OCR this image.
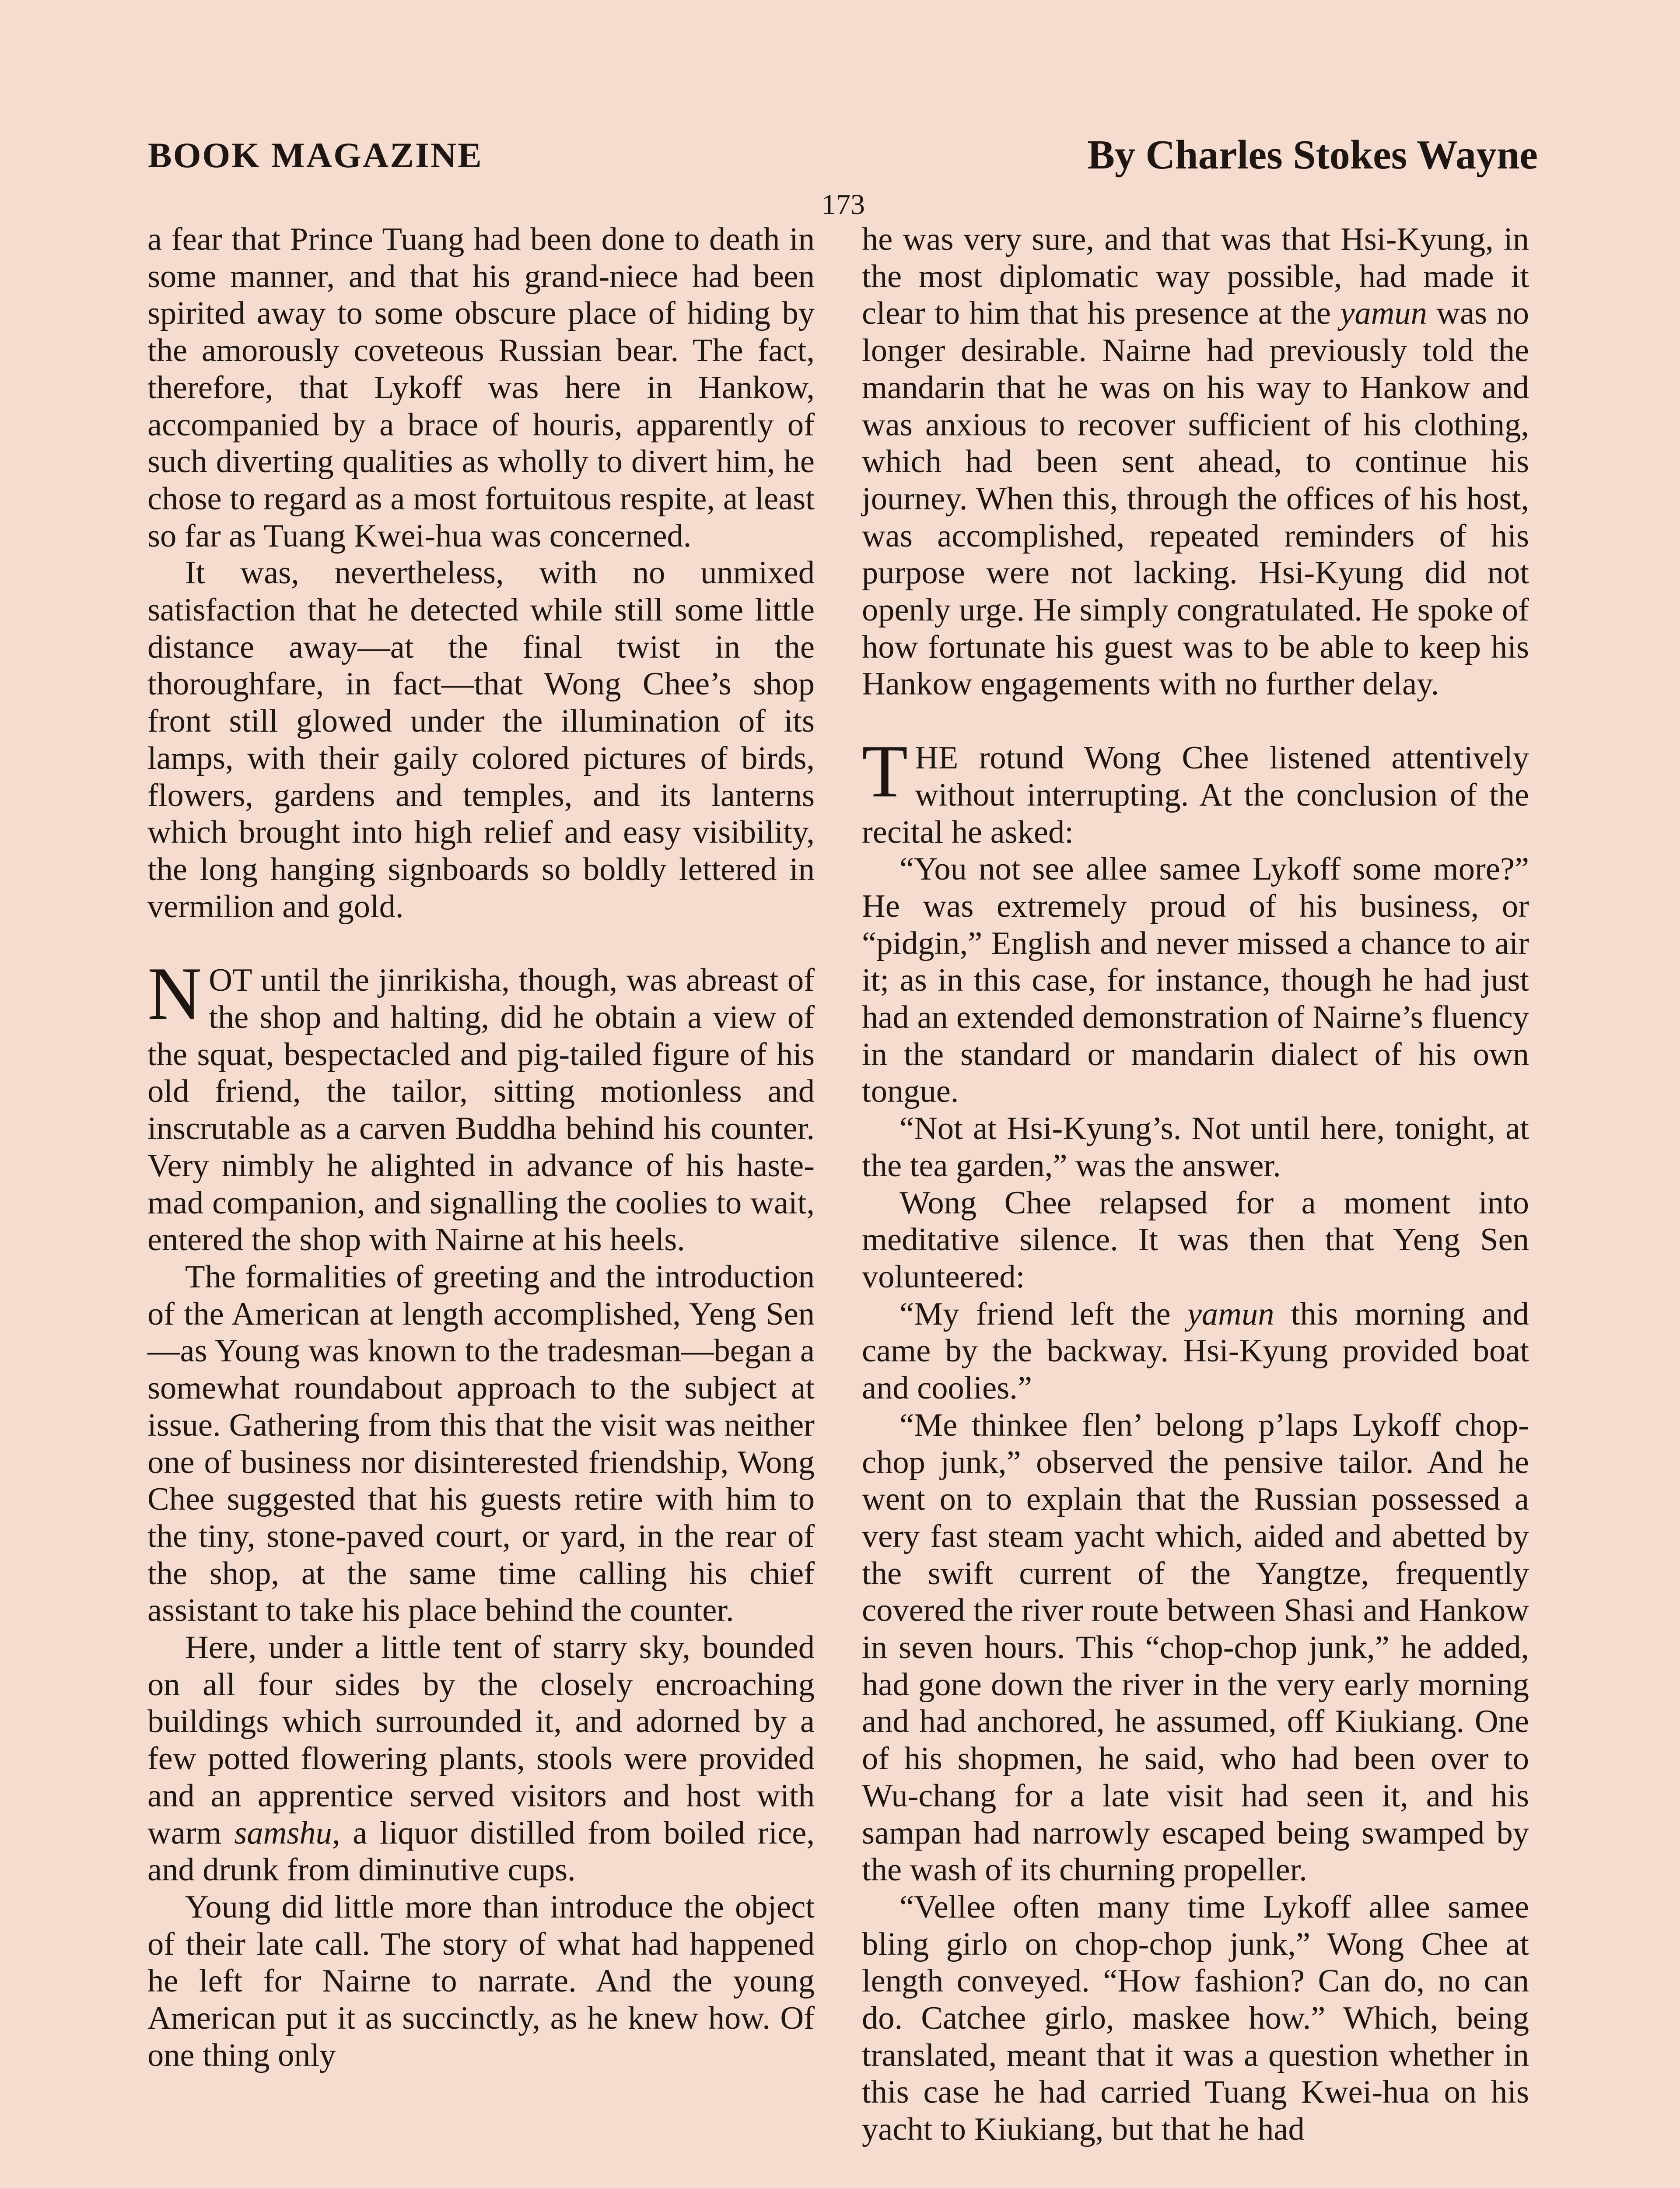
BOOK MAGAZINE	By Charles Stokes Wayne
173

a fear that Prince Tuang had been done to death in some manner, and that his grand-niece had been spirited away to some obscure place of hiding by the amorously coveteous Russian bear. The fact, therefore, that Lykoff was here in Hankow, accompanied by a brace of houris, apparently of such diverting qualities as wholly to divert him, he chose to regard as a most fortuitous respite, at least so far as Tuang Kwei-hua was concerned.

It was, nevertheless, with no unmixed satisfaction that he detected while still some little distance away—at the final twist in the thoroughfare, in fact—that Wong Chee’s shop front still glowed under the illumination of its lamps, with their gaily colored pictures of birds, flowers, gardens and temples, and its lanterns which brought into high relief and easy visibility, the long hanging signboards so boldly lettered in vermilion and gold.

NOT until the jinrikisha, though, was abreast of the shop and halting, did he obtain a view of the squat, bespectacled and pig-tailed figure of his old friend, the tailor, sitting motionless and inscrutable as a carven Buddha behind his counter. Very nimbly he alighted in advance of his haste-mad companion, and signalling the coolies to wait, entered the shop with Nairne at his heels.

The formalities of greeting and the introduction of the American at length accomplished, Yeng Sen—as Young was known to the tradesman—began a somewhat roundabout approach to the subject at issue. Gathering from this that the visit was neither one of business nor disinterested friendship, Wong Chee suggested that his guests retire with him to the tiny, stone-paved court, or yard, in the rear of the shop, at the same time calling his chief assistant to take his place behind the counter.

Here, under a little tent of starry sky, bounded on all four sides by the closely encroaching buildings which surrounded it, and adorned by a few potted flowering plants, stools were provided and an apprentice served visitors and host with warm samshu, a liquor distilled from boiled rice, and drunk from diminutive cups.

Young did little more than introduce the object of their late call. The story of what had happened he left for Nairne to narrate. And the young American put it as succinctly, as he knew how. Of one thing only

he was very sure, and that was that Hsi-Kyung, in the most diplomatic way possible, had made it clear to him that his presence at the yamun was no longer desirable. Nairne had previously told the mandarin that he was on his way to Hankow and was anxious to recover sufficient of his clothing, which had been sent ahead, to continue his journey. When this, through the offices of his host, was accomplished, repeated reminders of his purpose were not lacking. Hsi-Kyung did not openly urge. He simply congratulated. He spoke of how fortunate his guest was to be able to keep his Hankow engagements with no further delay.

THE rotund Wong Chee listened attentively without interrupting. At the conclusion of the recital he asked:

“You not see allee samee Lykoff some more?” He was extremely proud of his business, or “pidgin,” English and never missed a chance to air it; as in this case, for instance, though he had just had an extended demonstration of Nairne’s fluency in the standard or mandarin dialect of his own tongue.

“Not at Hsi-Kyung’s. Not until here, tonight, at the tea garden,” was the answer.

Wong Chee relapsed for a moment into meditative silence. It was then that Yeng Sen volunteered:

“My friend left the yamun this morning and came by the backway. Hsi-Kyung provided boat and coolies.”

“Me thinkee flen’ belong p’laps Lykoff chop-chop junk,” observed the pensive tailor. And he went on to explain that the Russian possessed a very fast steam yacht which, aided and abetted by the swift current of the Yangtze, frequently covered the river route between Shasi and Hankow in seven hours. This “chop-chop junk,” he added, had gone down the river in the very early morning and had anchored, he assumed, off Kiukiang. One of his shopmen, he said, who had been over to Wu-chang for a late visit had seen it, and his sampan had narrowly escaped being swamped by the wash of its churning propeller.

“Vellee often many time Lykoff allee samee bling girlo on chop-chop junk,” Wong Chee at length conveyed. “How fashion? Can do, no can do. Catchee girlo, maskee how.” Which, being translated, meant that it was a question whether in this case he had carried Tuang Kwei-hua on his yacht to Kiukiang, but that he had
